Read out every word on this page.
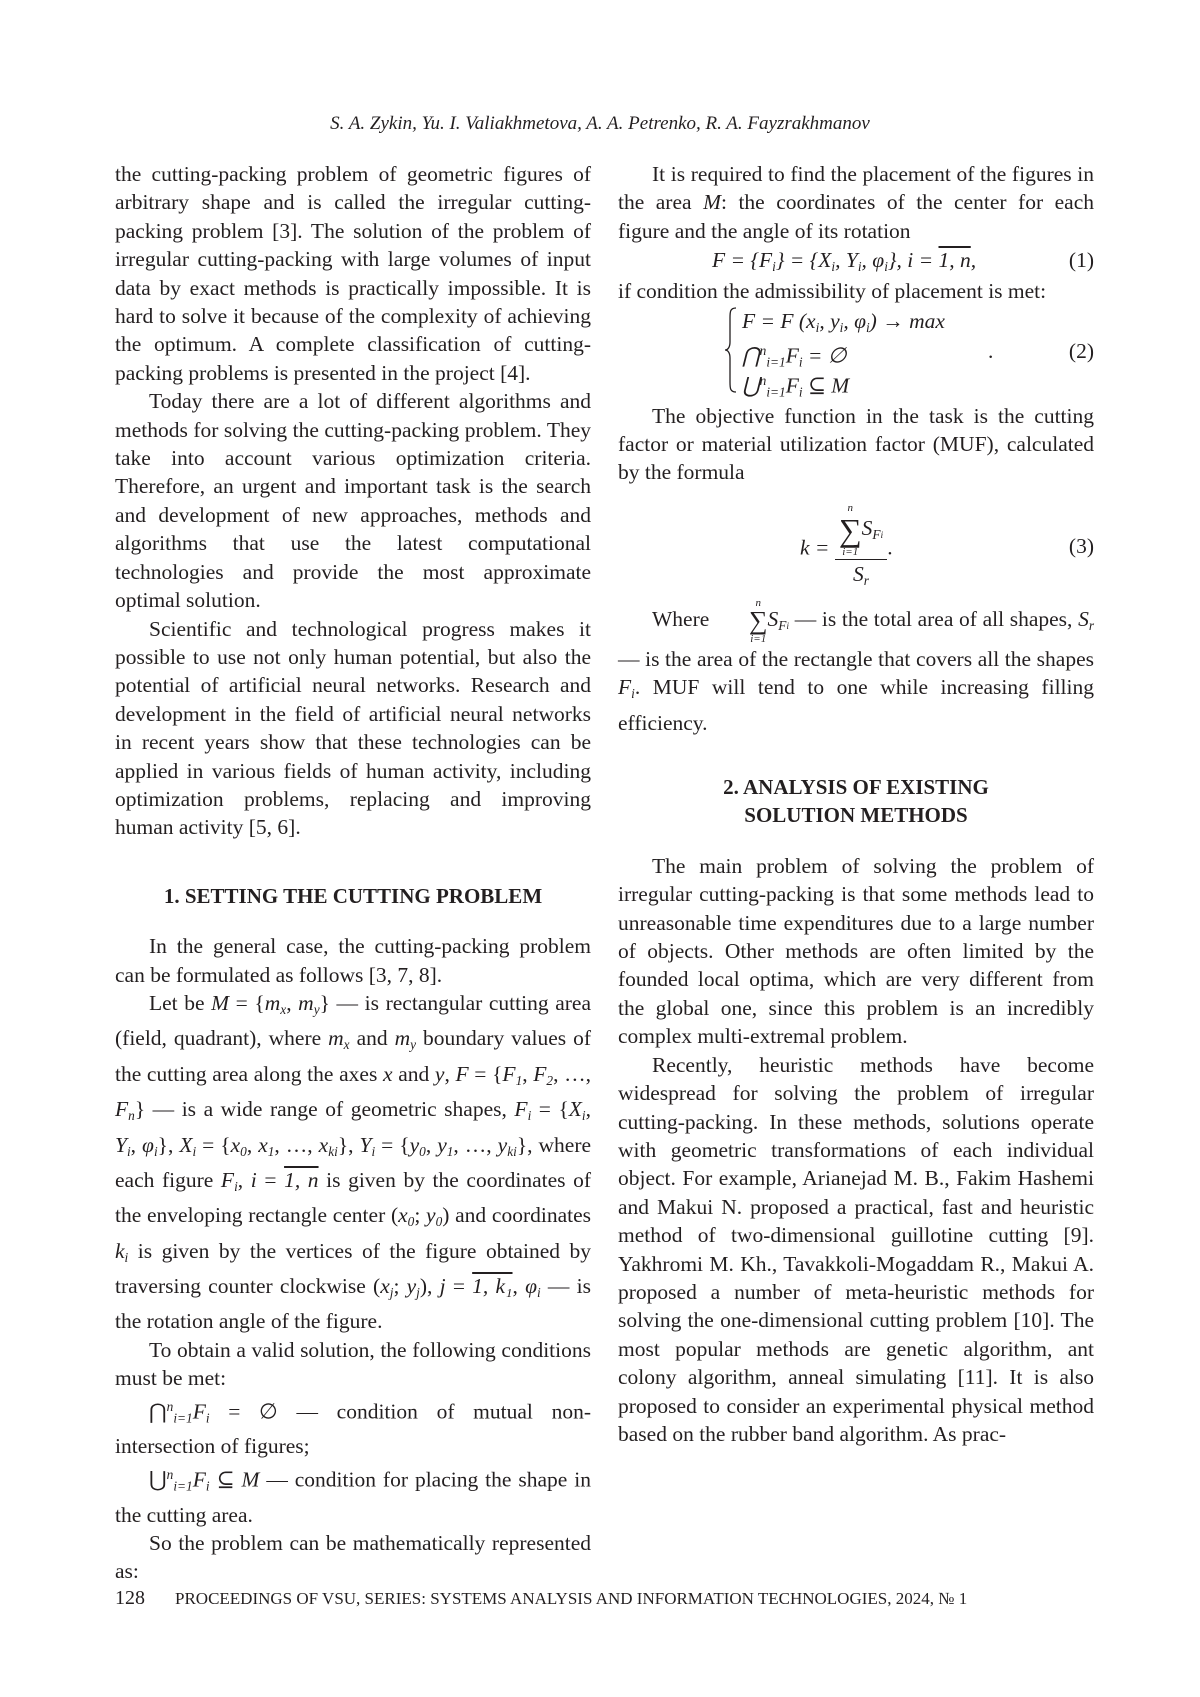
S. A. Zykin, Yu. I. Valiakhmetova, A. A. Petrenko, R. A. Fayzrakhmanov

the cutting-packing problem of geometric figures of arbitrary shape and is called the irregular cutting-packing problem [3]. The solution of the problem of irregular cutting-packing with large volumes of input data by exact methods is practically impossible. It is hard to solve it because of the complexity of achieving the optimum. A complete classification of cutting-packing problems is presented in the project [4].

Today there are a lot of different algorithms and methods for solving the cutting-packing problem. They take into account various optimization criteria. Therefore, an urgent and important task is the search and development of new approaches, methods and algorithms that use the latest computational technologies and provide the most approximate optimal solution.

Scientific and technological progress makes it possible to use not only human potential, but also the potential of artificial neural networks. Research and development in the field of artificial neural networks in recent years show that these technologies can be applied in various fields of human activity, including optimization problems, replacing and improving human activity [5, 6].

1. SETTING THE CUTTING PROBLEM

In the general case, the cutting-packing problem can be formulated as follows [3, 7, 8].

Let be M = {mx, my} — is rectangular cutting area (field, quadrant), where mx and my boundary values of the cutting area along the axes x and y, F = {F1, F2, …, Fn} — is a wide range of geometric shapes, Fi = {Xi, Yi, φi}, Xi = {x0, x1, …, xki}, Yi = {y0, y1, …, yki}, where each figure Fi, i = 1, n is given by the coordinates of the enveloping rectangle center (x0; y0) and coordinates ki is given by the vertices of the figure obtained by traversing counter clockwise (xj; yj), j = 1, k₁, φi — is the rotation angle of the figure.

To obtain a valid solution, the following conditions must be met:

⋂ni=1Fi = ∅ — condition of mutual non-intersection of figures;

⋃ni=1Fi ⊆ M — condition for placing the shape in the cutting area.

So the problem can be mathematically represented as:

It is required to find the placement of the figures in the area M: the coordinates of the center for each figure and the angle of its rotation

F = {Fi} = {Xi, Yi, φi}, i = 1, n,	(1)

if condition the admissibility of placement is met:

F = F (xi, yi, φi) → max
⋂ni=1Fi = ∅
⋃ni=1Fi ⊆ M
.	(2)

The objective function in the task is the cutting factor or material utilization factor (MUF), calculated by the formula

k =
n
∑
i=1
SFi
Sr
.	(3)

Where
n
∑
i=1
SFi — is the total area of all shapes, Sr — is the area of the rectangle that covers all the shapes Fi. MUF will tend to one while increasing filling efficiency.

2. ANALYSIS OF EXISTING

SOLUTION METHODS

The main problem of solving the problem of irregular cutting-packing is that some methods lead to unreasonable time expenditures due to a large number of objects. Other methods are often limited by the founded local optima, which are very different from the global one, since this problem is an incredibly complex multi-extremal problem.

Recently, heuristic methods have become widespread for solving the problem of irregular cutting-packing. In these methods, solutions operate with geometric transformations of each individual object. For example, Arianejad M. B., Fakim Hashemi and Makui N. proposed a practical, fast and heuristic method of two-dimensional guillotine cutting [9]. Yakhromi M. Kh., Tavakkoli-Mogaddam R., Makui A. proposed a number of meta-heuristic methods for solving the one-dimensional cutting problem [10]. The most popular methods are genetic algorithm, ant colony algorithm, anneal simulating [11]. It is also proposed to consider an experimental physical method based on the rubber band algorithm. As prac-

128 PROCEEDINGS OF VSU, SERIES: SYSTEMS ANALYSIS AND INFORMATION TECHNOLOGIES, 2024, № 1
